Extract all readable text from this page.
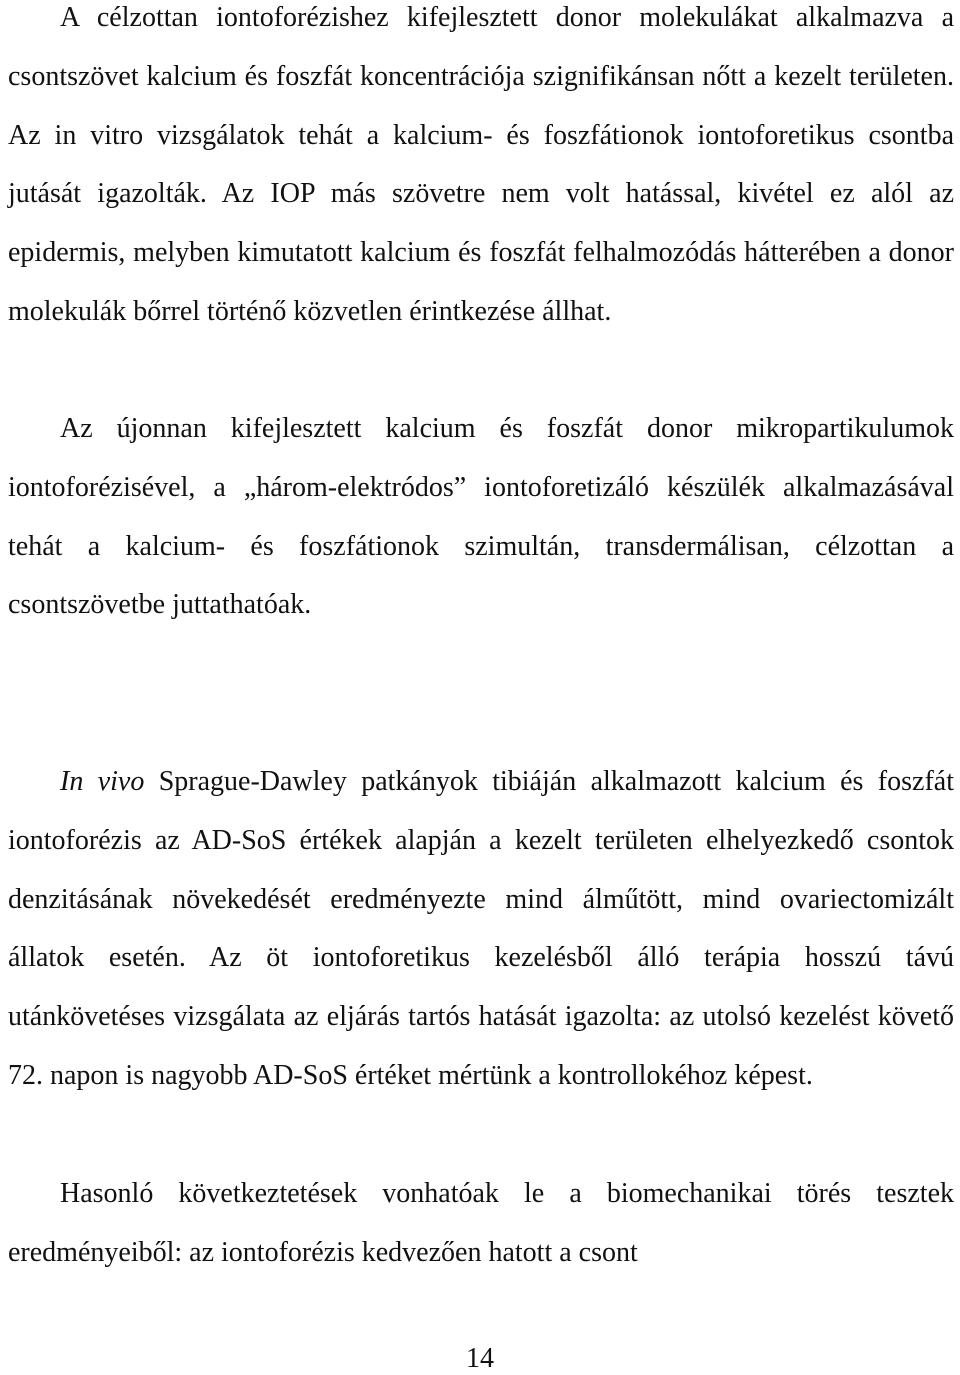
A célzottan iontoforézishez kifejlesztett donor molekulákat alkalmazva a csontszövet kalcium és foszfát koncentrációja szignifikánsan nőtt a kezelt területen. Az in vitro vizsgálatok tehát a kalcium- és foszfátionok iontoforetikus csontba jutását igazolták. Az IOP más szövetre nem volt hatással, kivétel ez alól az epidermis, melyben kimutatott kalcium és foszfát felhalmozódás hátterében a donor molekulák bőrrel történő közvetlen érintkezése állhat.

Az újonnan kifejlesztett kalcium és foszfát donor mikropartikulumok iontoforézisével, a „három-elektródos” iontoforetizáló készülék alkalmazásával tehát a kalcium- és foszfátionok szimultán, transdermálisan, célzottan a csontszövetbe juttathatóak.

In vivo Sprague-Dawley patkányok tibiáján alkalmazott kalcium és foszfát iontoforézis az AD-SoS értékek alapján a kezelt területen elhelyezkedő csontok denzitásának növekedését eredményezte mind álműtött, mind ovariectomizált állatok esetén. Az öt iontoforetikus kezelésből álló terápia hosszú távú utánkövetéses vizsgálata az eljárás tartós hatását igazolta: az utolsó kezelést követő 72. napon is nagyobb AD-SoS értéket mértünk a kontrollokéhoz képest.

Hasonló következtetések vonhatóak le a biomechanikai törés tesztek eredményeiből: az iontoforézis kedvezően hatott a csont

14
